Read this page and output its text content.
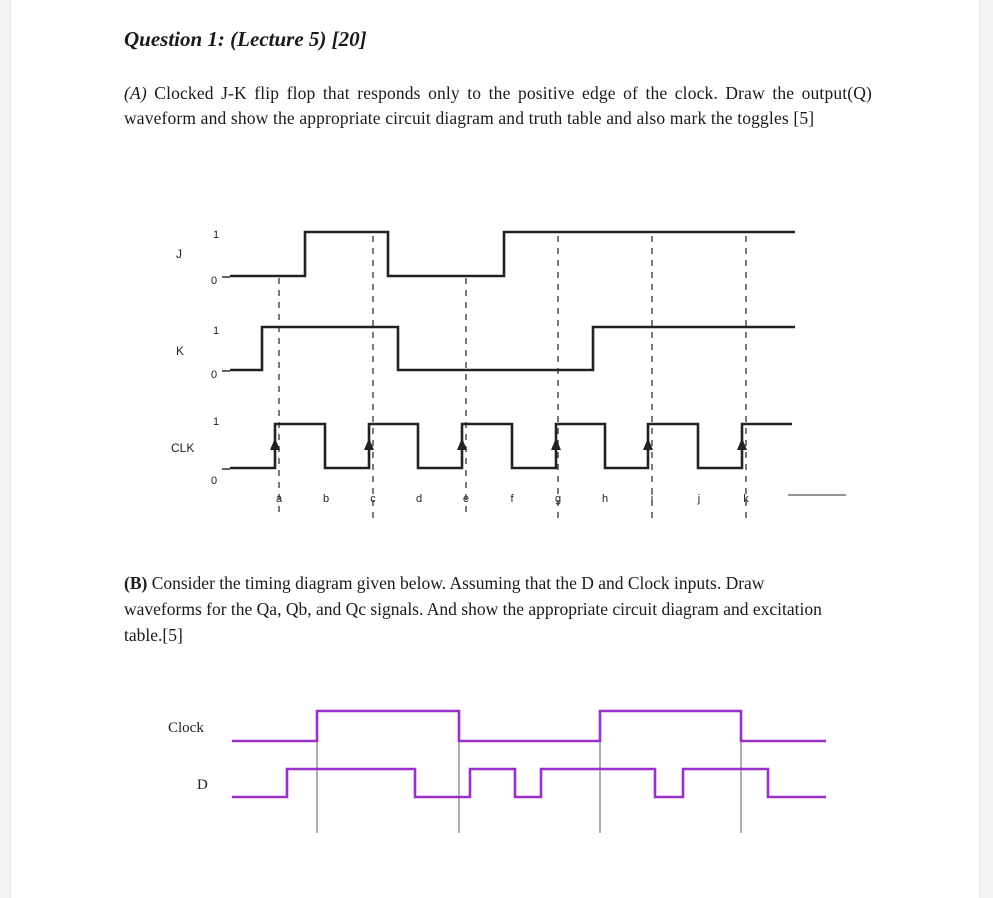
Question 1: (Lecture 5) [20]

(A) Clocked J-K flip flop that responds only to the positive edge of the clock. Draw the output(Q) waveform and show the appropriate circuit diagram and truth table and also mark the toggles [5]

J
K
CLK
1
0
1
0
1
0
a	b	c	d	e	f	g	h	i	j	k

(B) Consider the timing diagram given below. Assuming that the D and Clock inputs. Draw waveforms for the Qa, Qb, and Qc signals. And show the appropriate circuit diagram and excitation table.[5]

Clock
D
